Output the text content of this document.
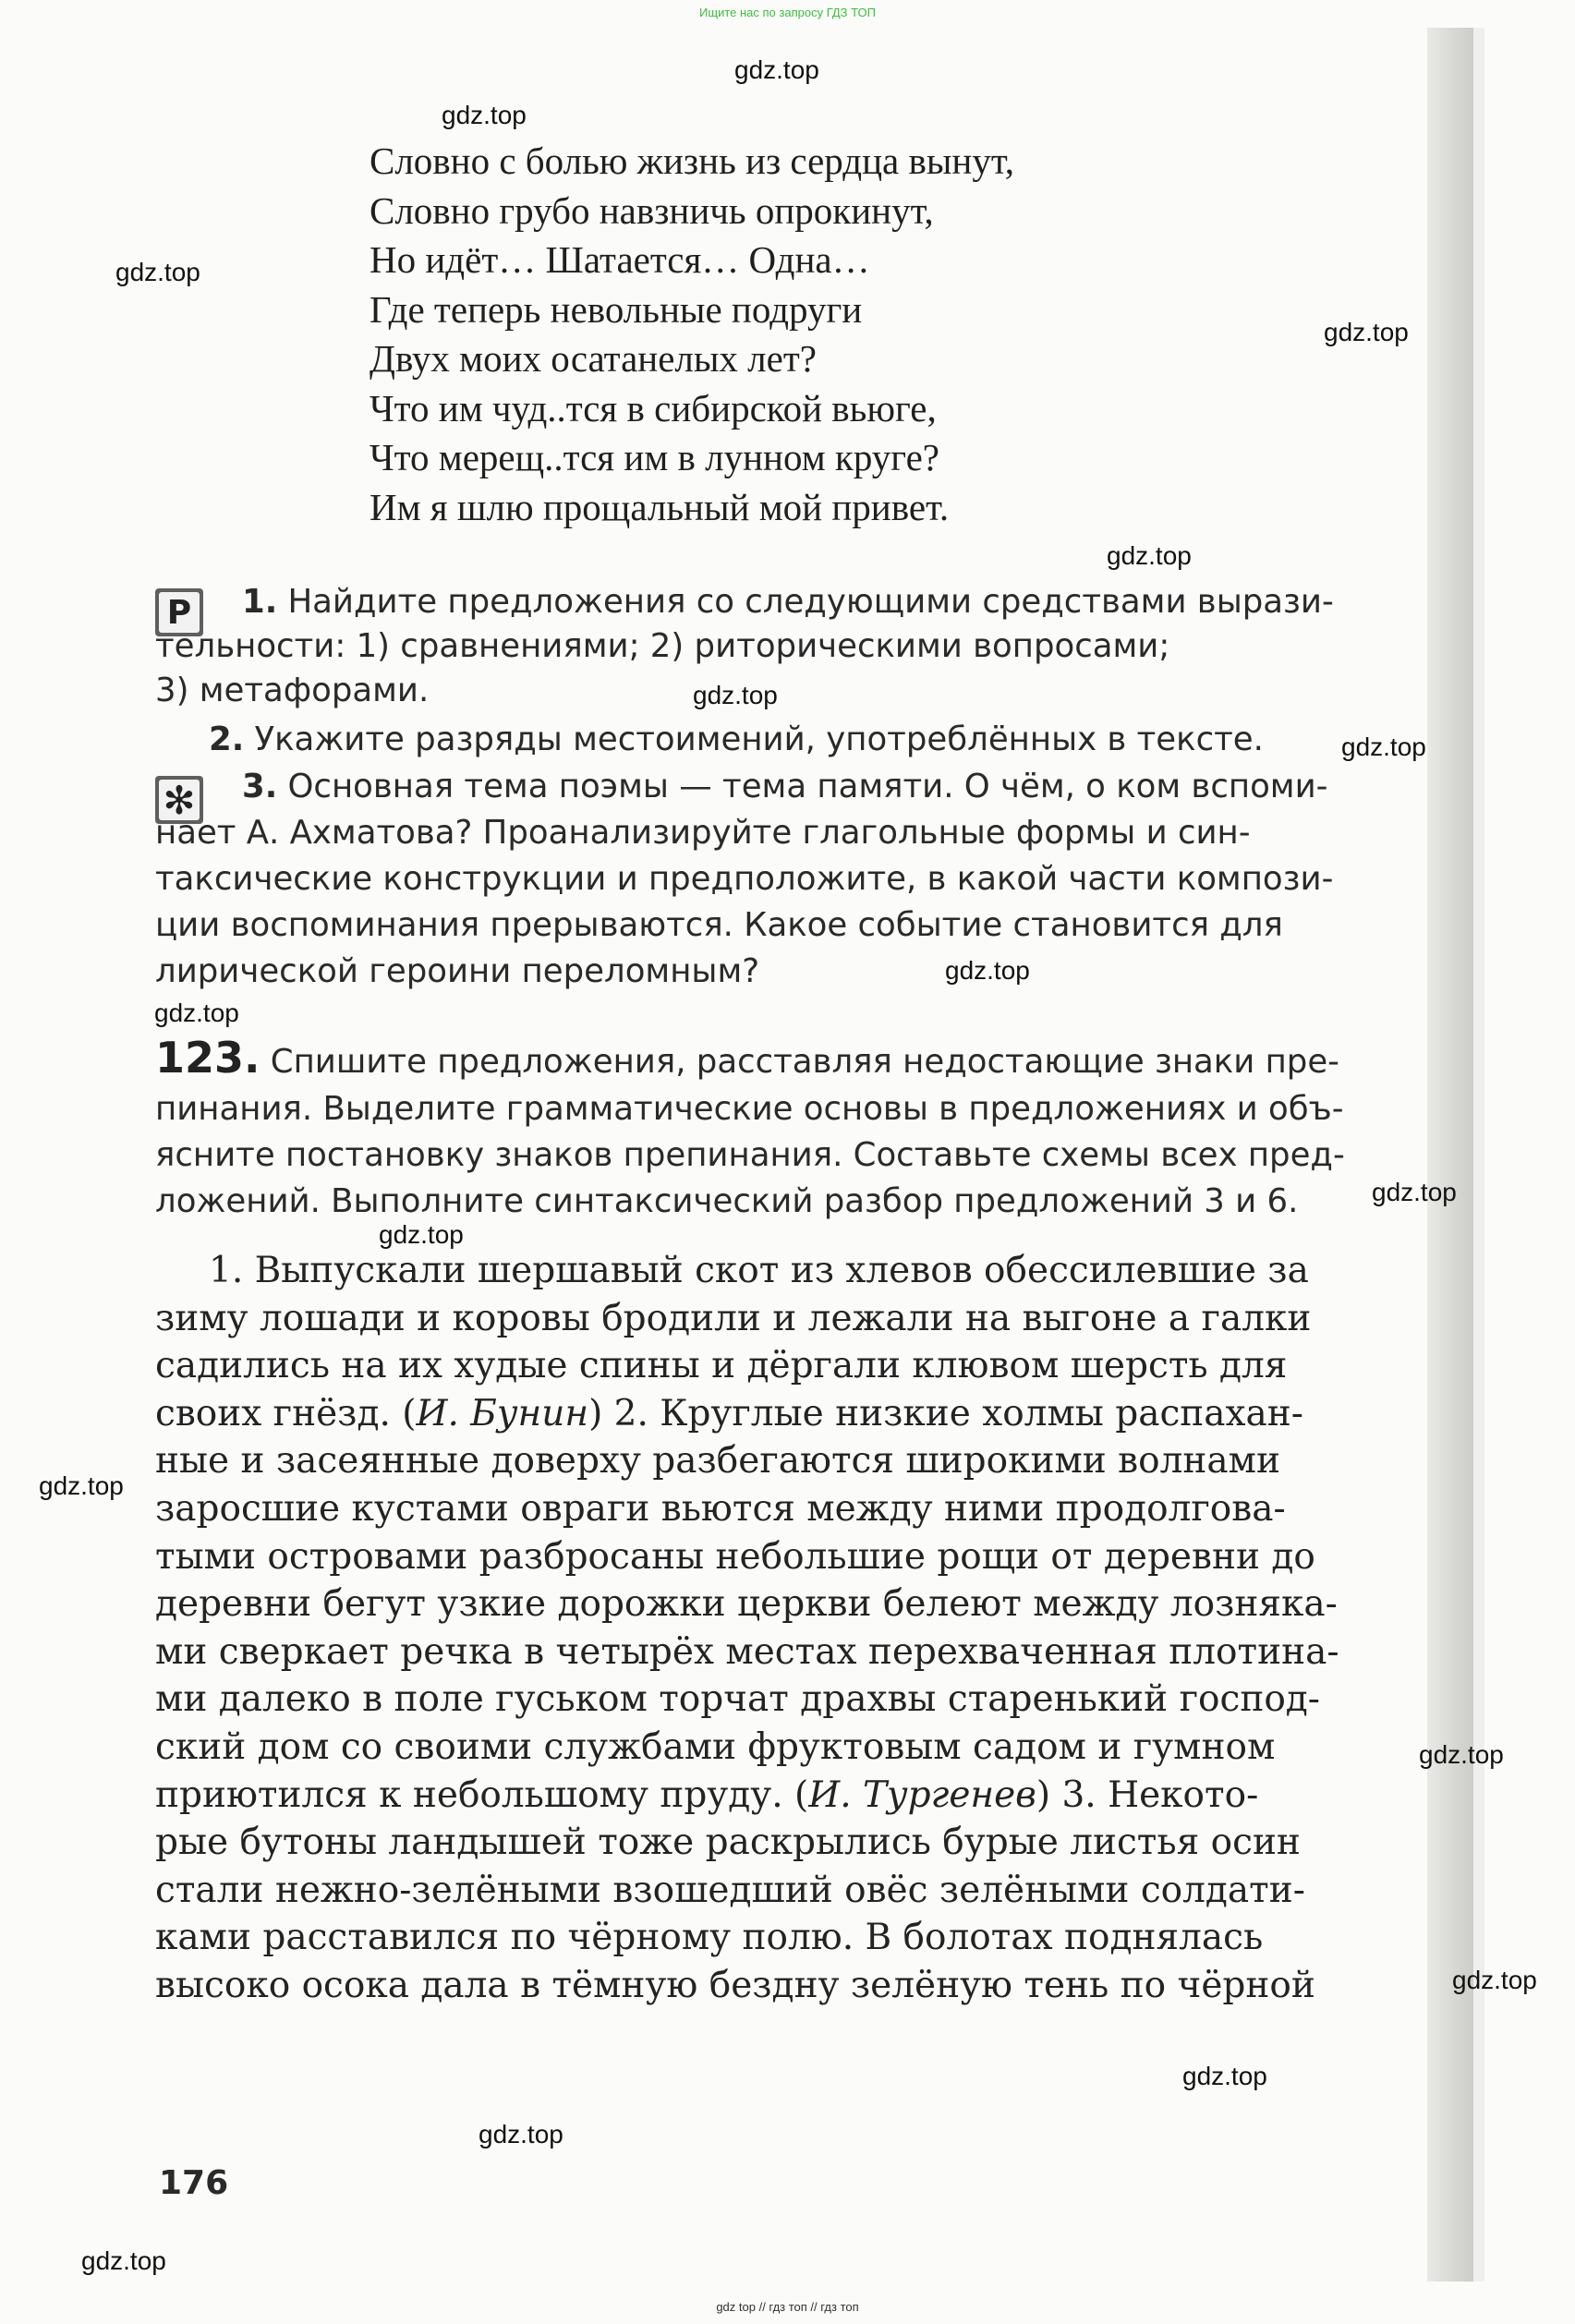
Ищите нас по запросу ГДЗ ТОП
Словно с болью жизнь из сердца вынут,
Словно грубо навзничь опрокинут,
Но идёт… Шатается… Одна…
Где теперь невольные подруги
Двух моих осатанелых лет?
Что им чуд..тся в сибирской вьюге,
Что мерещ..тся им в лунном круге?
Им я шлю прощальный мой привет.
Р 1. Найдите предложения со следующими средствами вырази-
тельности: 1) сравнениями; 2) риторическими вопросами;
3) метафорами.
2. Укажите разряды местоимений, употреблённых в тексте.
✻ 3. Основная тема поэмы — тема памяти. О чём, о ком вспоми-
нает А. Ахматова? Проанализируйте глагольные формы и син-
таксические конструкции и предположите, в какой части компози-
ции воспоминания прерываются. Какое событие становится для
лирической героини переломным?
123. Спишите предложения, расставляя недостающие знаки пре-
пинания. Выделите грамматические основы в предложениях и объ-
ясните постановку знаков препинания. Составьте схемы всех пред-
ложений. Выполните синтаксический разбор предложений 3 и 6.
1. Выпускали шершавый скот из хлевов обессилевшие за
зиму лошади и коровы бродили и лежали на выгоне а галки
садились на их худые спины и дёргали клювом шерсть для
своих гнёзд. (И. Бунин) 2. Круглые низкие холмы распахан-
ные и засеянные доверху разбегаются широкими волнами
заросшие кустами овраги вьются между ними продолговa-
тыми островами разбросаны небольшие рощи от деревни до
деревни бегут узкие дорожки церкви белеют между лозняка-
ми сверкает речка в четырёх местах перехваченная плотина-
ми далеко в поле гуськом торчат драхвы старенький господ-
ский дом со своими службами фруктовым садом и гумном
приютился к небольшому пруду. (И. Тургенев) 3. Некото-
рые бутоны ландышей тоже раскрылись бурые листья осин
стали нежно-зелёными взошедший овёс зелёными солдати-
ками расставился по чёрному полю. В болотах поднялась
высоко осока дала в тёмную бездну зелёную тень по чёрной
176
gdz.top
gdz.top
gdz.top
gdz.top
gdz.top
gdz.top
gdz.top
gdz.top
gdz.top
gdz.top
gdz.top
gdz.top
gdz.top
gdz.top
gdz.top
gdz.top
gdz.top
gdz top // гдз топ // гдз топ
